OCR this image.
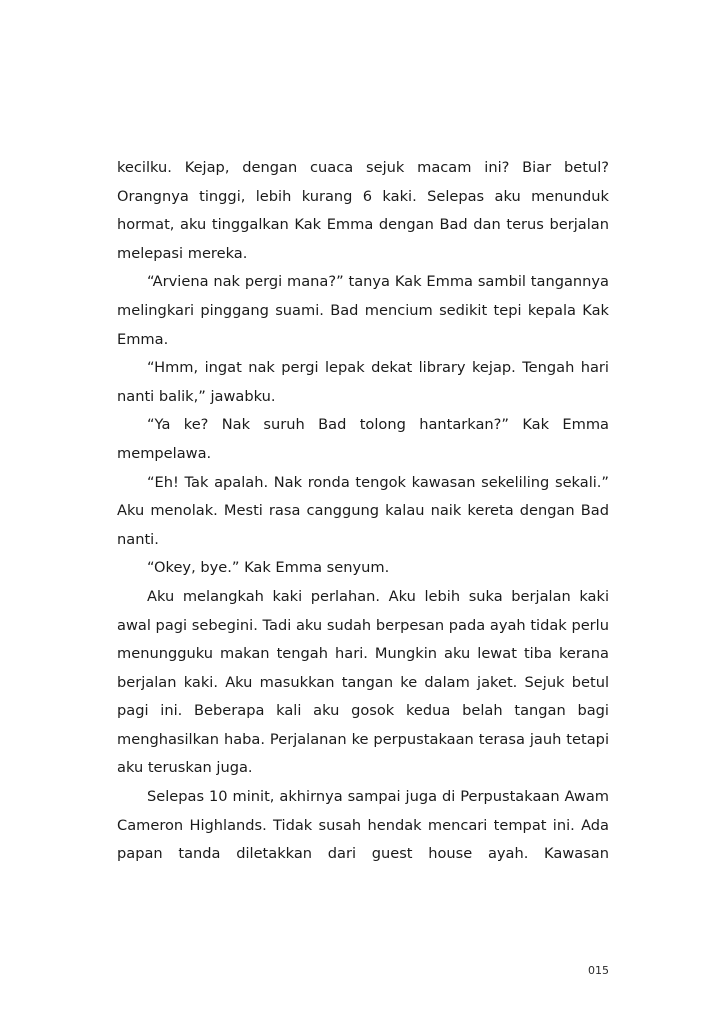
kecilku. Kejap, dengan cuaca sejuk macam ini? Biar betul? Orangnya tinggi, lebih kurang 6 kaki. Selepas aku menunduk hormat, aku tinggalkan Kak Emma dengan Bad dan terus berjalan melepasi mereka.

“Arviena nak pergi mana?” tanya Kak Emma sambil tangannya melingkari pinggang suami. Bad mencium sedikit tepi kepala Kak Emma.

“Hmm, ingat nak pergi lepak dekat library kejap. Tengah hari nanti balik,” jawabku.

“Ya ke? Nak suruh Bad tolong hantarkan?” Kak Emma mempelawa.

“Eh! Tak apalah. Nak ronda tengok kawasan sekeliling sekali.” Aku menolak. Mesti rasa canggung kalau naik kereta dengan Bad nanti.

“Okey, bye.” Kak Emma senyum.

Aku melangkah kaki perlahan. Aku lebih suka berjalan kaki awal pagi sebegini. Tadi aku sudah berpesan pada ayah tidak perlu menungguku makan tengah hari. Mungkin aku lewat tiba kerana berjalan kaki. Aku masukkan tangan ke dalam jaket. Sejuk betul pagi ini. Beberapa kali aku gosok kedua belah tangan bagi menghasilkan haba. Perjalanan ke perpustakaan terasa jauh tetapi aku teruskan juga.

Selepas 10 minit, akhirnya sampai juga di Perpustakaan Awam Cameron Highlands. Tidak susah hendak mencari tempat ini. Ada papan tanda diletakkan dari guest house ayah. Kawasan

015
